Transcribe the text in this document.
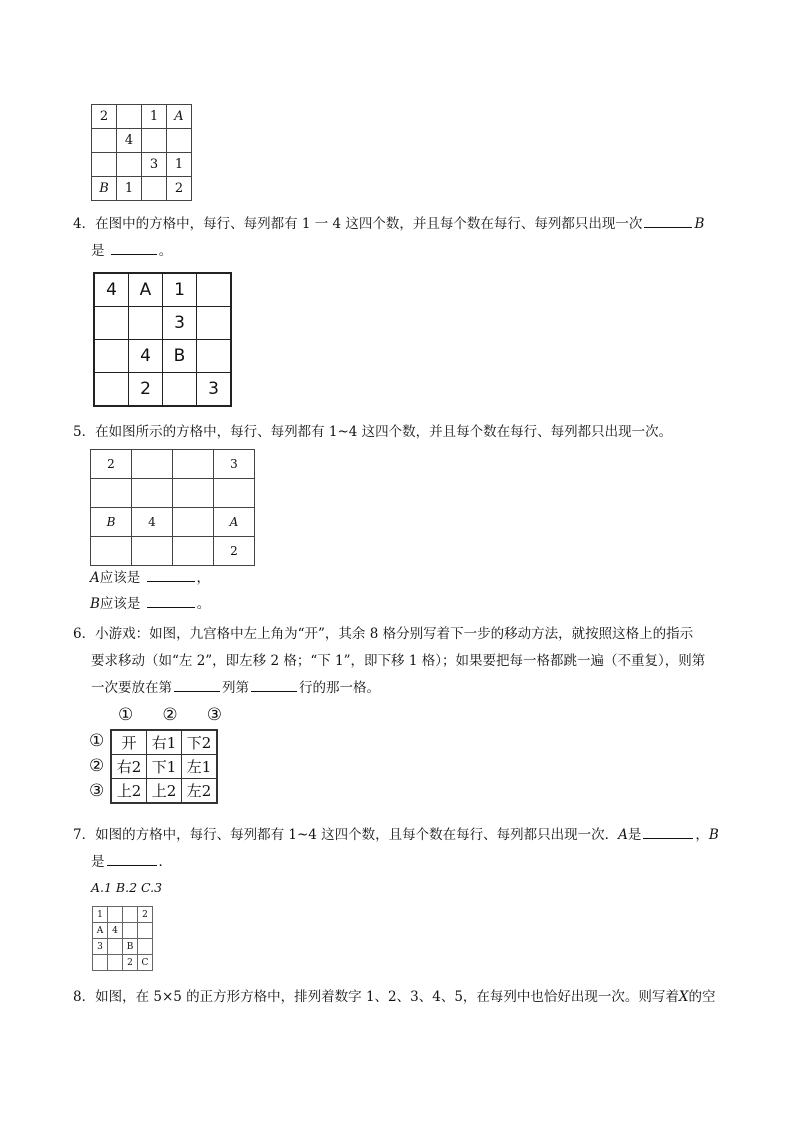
2		1	A
	4		
		3	1
B	1		2
4．在图中的方格中，每行、每列都有 1 一 4 这四个数，并且每个数在每行、每列都只出现一次	B
是	。
4	A	1	
		3	
	4	B	
	2		3
5．在如图所示的方格中，每行、每列都有 1~4 这四个数，并且每个数在每行、每列都只出现一次。
2			3

B	4		A
			2
A应该是	，
B应该是	。
6．小游戏：如图，九宫格中左上角为“开”，其余 8 格分别写着下一步的移动方法，就按照这格上的指示
要求移动（如“左 2”，即左移 2 格；“下 1”，即下移 1 格）；如果要把每一格都跳一遍（不重复），则第
一次要放在第	列第	行的那一格。
① ② ③
①
②
③
开	右1	下2
右2	下1	左1
上2	上2	左2
7．如图的方格中，每行、每列都有 1~4 这四个数，且每个数在每行、每列都只出现一次．A是	，B
是	．
A.1 B.2 C.3
1			2
A	4		
3		B	
		2	C
8．如图，在 5×5 的正方形方格中，排列着数字 1、2、3、4、5，在每列中也恰好出现一次。则写着X的空
